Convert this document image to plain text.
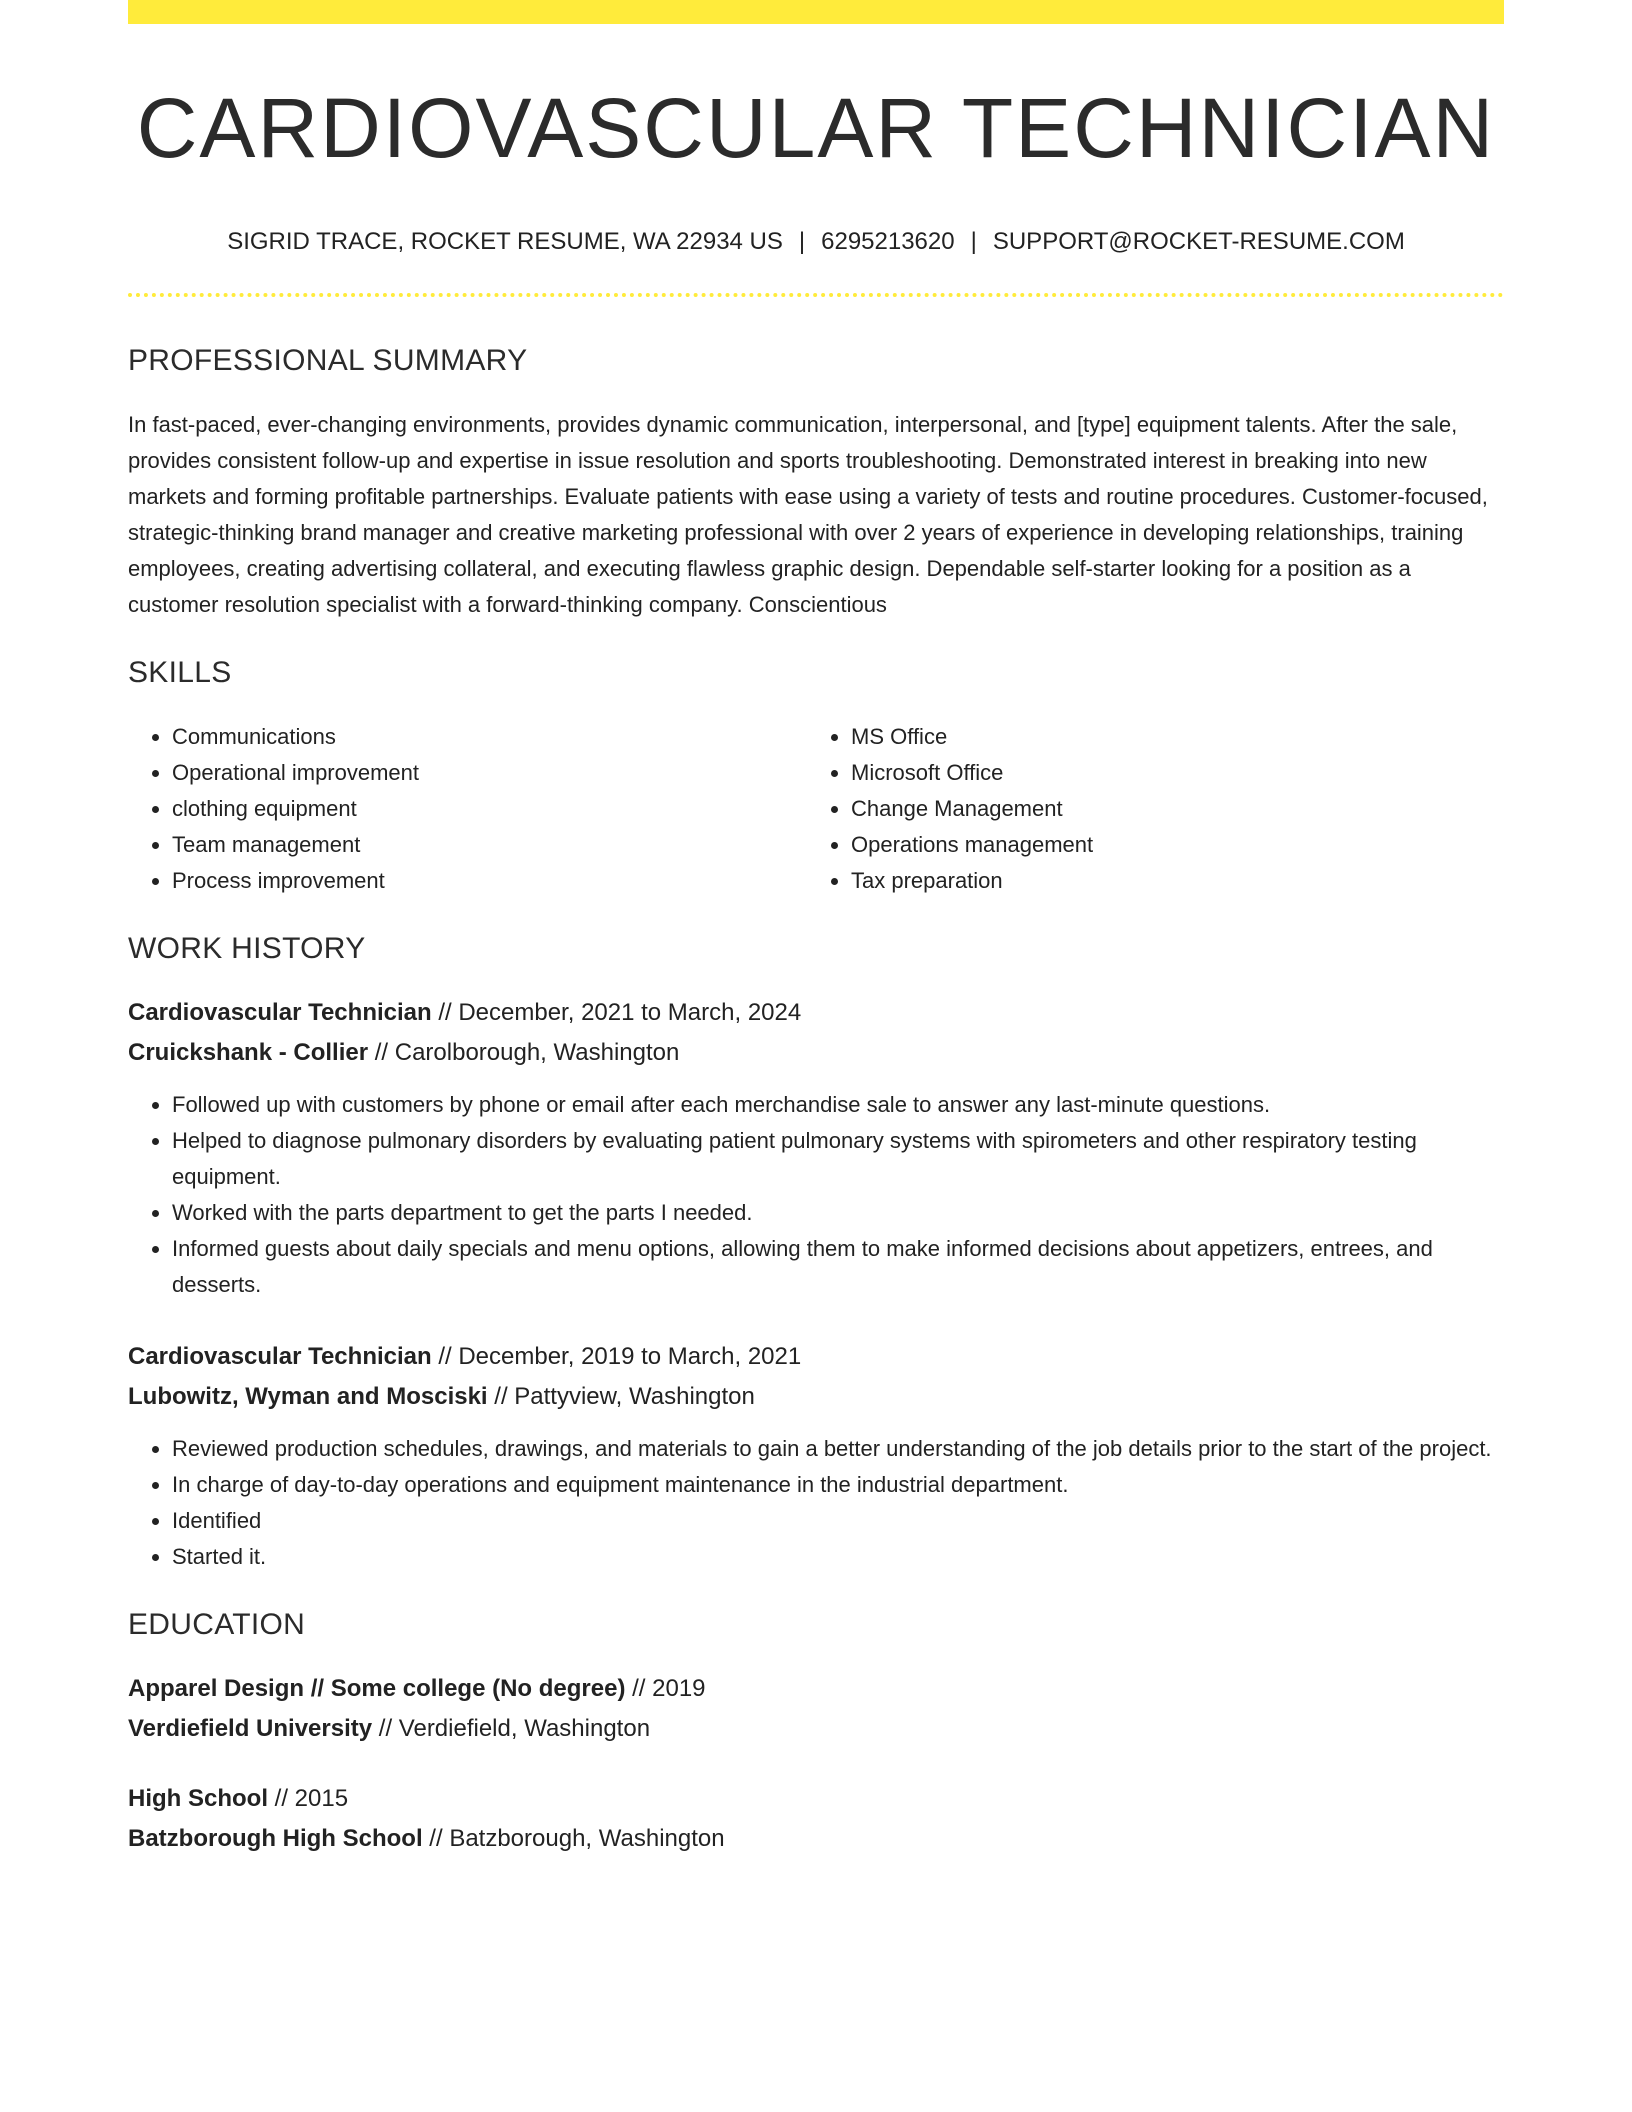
CARDIOVASCULAR TECHNICIAN
SIGRID TRACE, ROCKET RESUME, WA 22934 US | 6295213620 | SUPPORT@ROCKET-RESUME.COM
PROFESSIONAL SUMMARY
In fast-paced, ever-changing environments, provides dynamic communication, interpersonal, and [type] equipment talents. After the sale, provides consistent follow-up and expertise in issue resolution and sports troubleshooting. Demonstrated interest in breaking into new markets and forming profitable partnerships. Evaluate patients with ease using a variety of tests and routine procedures. Customer-focused, strategic-thinking brand manager and creative marketing professional with over 2 years of experience in developing relationships, training employees, creating advertising collateral, and executing flawless graphic design. Dependable self-starter looking for a position as a customer resolution specialist with a forward-thinking company. Conscientious
SKILLS
• Communications
• Operational improvement
• clothing equipment
• Team management
• Process improvement
• MS Office
• Microsoft Office
• Change Management
• Operations management
• Tax preparation
WORK HISTORY
Cardiovascular Technician // December, 2021 to March, 2024
Cruickshank - Collier // Carolborough, Washington
• Followed up with customers by phone or email after each merchandise sale to answer any last-minute questions.
• Helped to diagnose pulmonary disorders by evaluating patient pulmonary systems with spirometers and other respiratory testing equipment.
• Worked with the parts department to get the parts I needed.
• Informed guests about daily specials and menu options, allowing them to make informed decisions about appetizers, entrees, and desserts.
Cardiovascular Technician // December, 2019 to March, 2021
Lubowitz, Wyman and Mosciski // Pattyview, Washington
• Reviewed production schedules, drawings, and materials to gain a better understanding of the job details prior to the start of the project.
• In charge of day-to-day operations and equipment maintenance in the industrial department.
• Identified
• Started it.
EDUCATION
Apparel Design // Some college (No degree) // 2019
Verdiefield University // Verdiefield, Washington
High School // 2015
Batzborough High School // Batzborough, Washington
